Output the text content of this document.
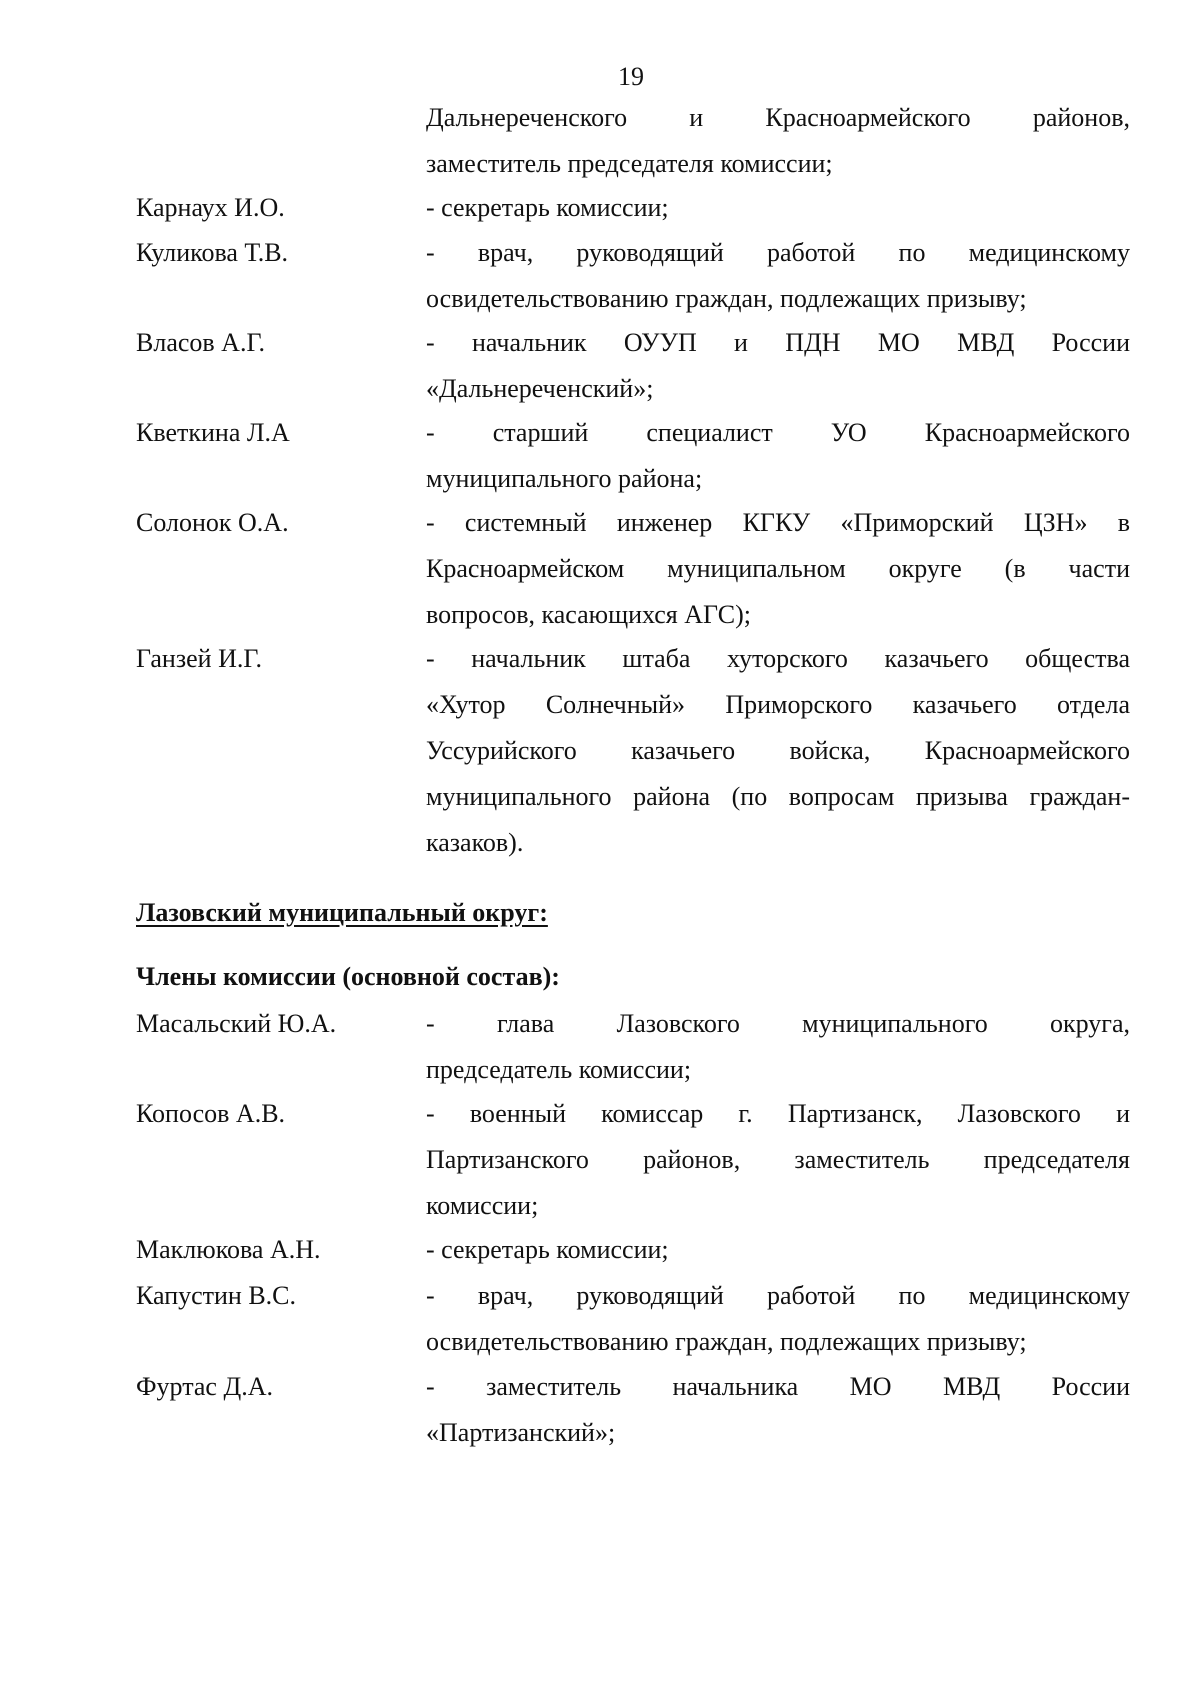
19
Дальнереченского и Красноармейского районов,
заместитель председателя комиссии;
Карнаух И.О.	- секретарь комиссии;
Куликова Т.В.	- врач, руководящий работой по медицинскому
освидетельствованию граждан, подлежащих призыву;
Власов А.Г.	- начальник ОУУП и ПДН МО МВД России
«Дальнереченский»;
Кветкина Л.А	- старший специалист УО Красноармейского
муниципального района;
Солонок О.А.	- системный инженер КГКУ «Приморский ЦЗН» в
Красноармейском муниципальном округе (в части
вопросов, касающихся АГС);
Ганзей И.Г.	- начальник штаба хуторского казачьего общества
«Хутор Солнечный» Приморского казачьего отдела
Уссурийского казачьего войска, Красноармейского
муниципального района (по вопросам призыва граждан-
казаков).
Лазовский муниципальный округ:
Члены комиссии (основной состав):
Масальский Ю.А.	- глава Лазовского муниципального округа,
председатель комиссии;
Копосов А.В.	- военный комиссар г. Партизанск, Лазовского и
Партизанского районов, заместитель председателя
комиссии;
Маклюкова А.Н.	- секретарь комиссии;
Капустин В.С.	- врач, руководящий работой по медицинскому
освидетельствованию граждан, подлежащих призыву;
Фуртас Д.А.	- заместитель начальника МО МВД России
«Партизанский»;
